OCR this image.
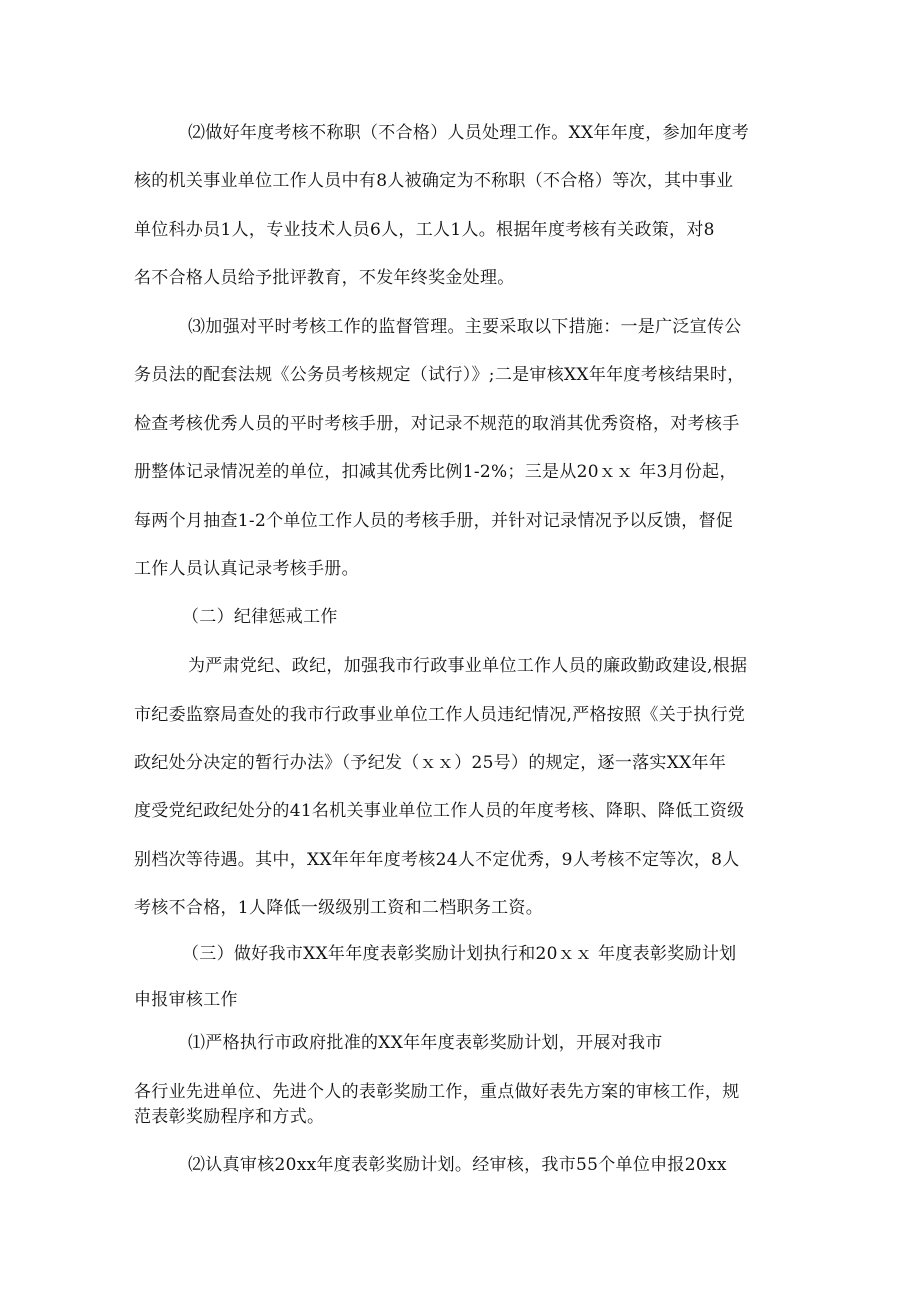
⑵做好年度考核不称职（不合格）人员处理工作。XX年年度，参加年度考
核的机关事业单位工作人员中有8人被确定为不称职（不合格）等次，其中事业
单位科办员1人，专业技术人员6人，工人1人。根据年度考核有关政策，对8
名不合格人员给予批评教育，不发年终奖金处理。
⑶加强对平时考核工作的监督管理。主要采取以下措施：一是广泛宣传公
务员法的配套法规《公务员考核规定（试行）》;二是审核XX年年度考核结果时，
检查考核优秀人员的平时考核手册，对记录不规范的取消其优秀资格，对考核手
册整体记录情况差的单位，扣减其优秀比例1-2%；三是从20ｘｘ 年3月份起，
每两个月抽查1-2个单位工作人员的考核手册，并针对记录情况予以反馈，督促
工作人员认真记录考核手册。
（二）纪律惩戒工作
为严肃党纪、政纪，加强我市行政事业单位工作人员的廉政勤政建设,根据
市纪委监察局查处的我市行政事业单位工作人员违纪情况,严格按照《关于执行党
政纪处分决定的暂行办法》（予纪发（ｘｘ）25号）的规定，逐一落实XX年年
度受党纪政纪处分的41名机关事业单位工作人员的年度考核、降职、降低工资级
别档次等待遇。其中，XX年年年度考核24人不定优秀，9人考核不定等次，8人
考核不合格，1人降低一级级别工资和二档职务工资。
（三）做好我市XX年年度表彰奖励计划执行和20ｘｘ 年度表彰奖励计划
申报审核工作
⑴严格执行市政府批准的XX年年度表彰奖励计划，开展对我市
各行业先进单位、先进个人的表彰奖励工作，重点做好表先方案的审核工作，规
范表彰奖励程序和方式。
⑵认真审核20xx年度表彰奖励计划。经审核，我市55个单位申报20xx
